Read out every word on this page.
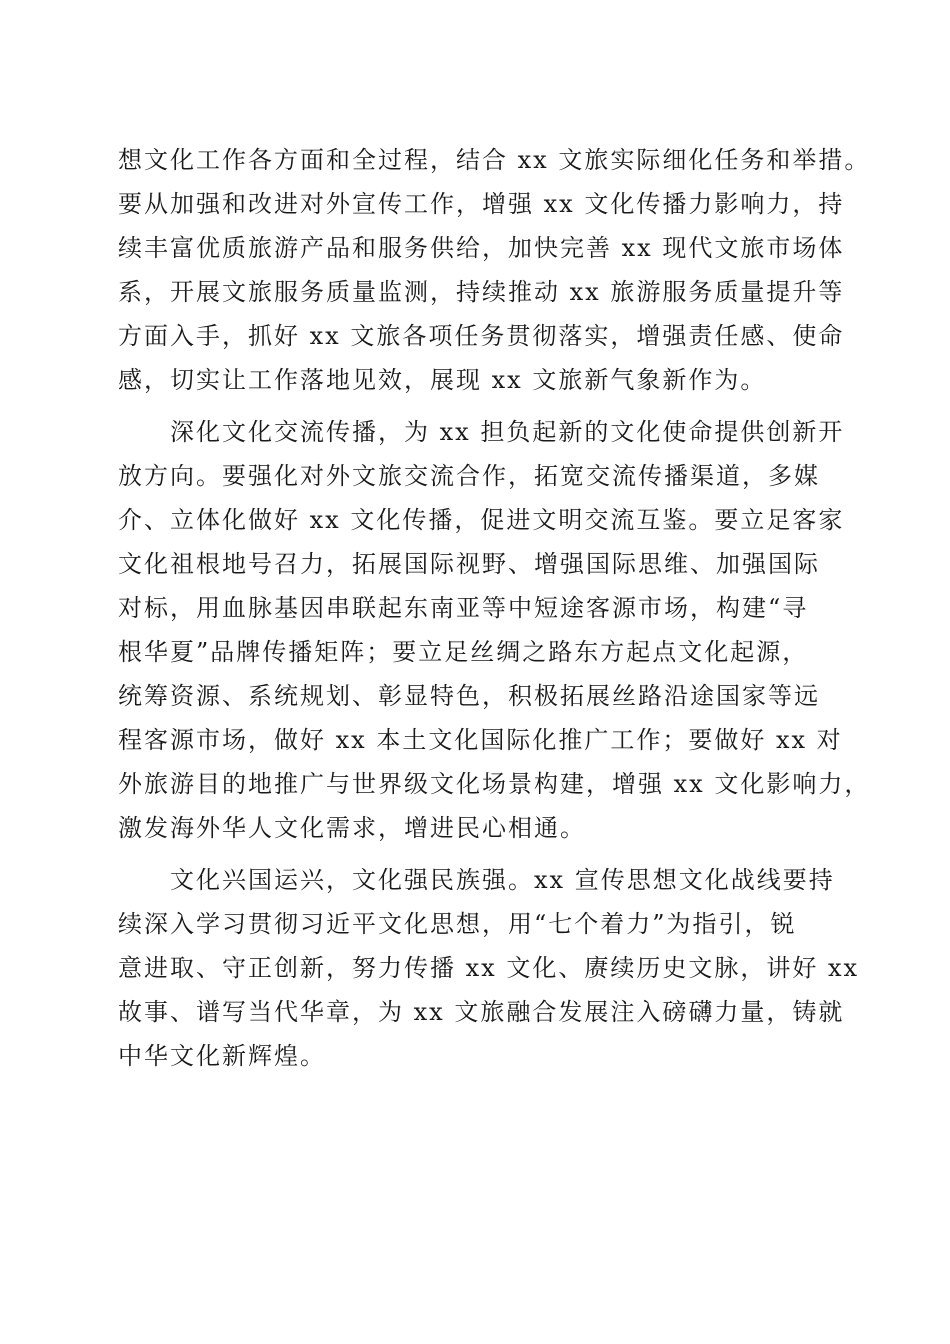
想文化工作各方面和全过程，结合 xx 文旅实际细化任务和举措。
要从加强和改进对外宣传工作，增强 xx 文化传播力影响力，持
续丰富优质旅游产品和服务供给，加快完善 xx 现代文旅市场体
系，开展文旅服务质量监测，持续推动 xx 旅游服务质量提升等
方面入手，抓好 xx 文旅各项任务贯彻落实，增强责任感、使命
感，切实让工作落地见效，展现 xx 文旅新气象新作为。
深化文化交流传播，为 xx 担负起新的文化使命提供创新开
放方向。要强化对外文旅交流合作，拓宽交流传播渠道，多媒
介、立体化做好 xx 文化传播，促进文明交流互鉴。要立足客家
文化祖根地号召力，拓展国际视野、增强国际思维、加强国际
对标，用血脉基因串联起东南亚等中短途客源市场，构建“寻
根华夏”品牌传播矩阵；要立足丝绸之路东方起点文化起源，
统筹资源、系统规划、彰显特色，积极拓展丝路沿途国家等远
程客源市场，做好 xx 本土文化国际化推广工作；要做好 xx 对
外旅游目的地推广与世界级文化场景构建，增强 xx 文化影响力，
激发海外华人文化需求，增进民心相通。
文化兴国运兴，文化强民族强。xx 宣传思想文化战线要持
续深入学习贯彻习近平文化思想，用“七个着力”为指引，锐
意进取、守正创新，努力传播 xx 文化、赓续历史文脉，讲好 xx
故事、谱写当代华章，为 xx 文旅融合发展注入磅礴力量，铸就
中华文化新辉煌。
